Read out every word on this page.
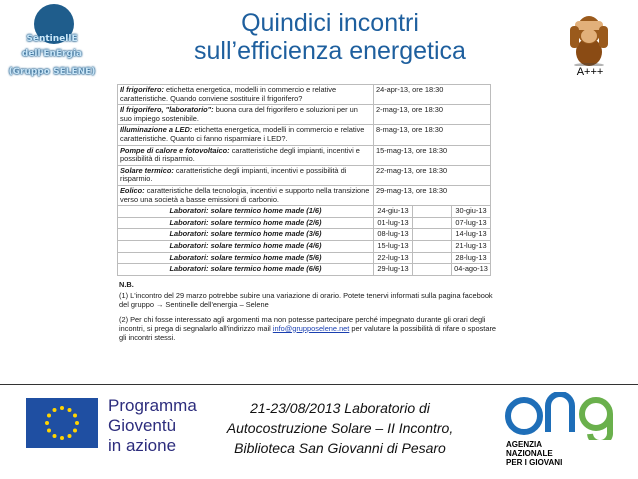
SentinellE
dell'EnErgia
(Gruppo SELENE)
Quindici incontri
sull’efficienza energetica
A+++
Il frigorifero: etichetta energetica, modelli in commercio e relative caratteristiche. Quando conviene sostituire il frigorifero?	24-apr-13, ore 18:30		
Il frigorifero, "laboratorio": buona cura del frigorifero e soluzioni per un suo impiego sostenibile.	2-mag-13, ore 18:30		
Illuminazione a LED: etichetta energetica, modelli in commercio e relative caratteristiche. Quanto ci fanno risparmiare i LED?.	8-mag-13, ore 18:30		
Pompe di calore e fotovoltaico: caratteristiche degli impianti, incentivi e possibilità di risparmio.	15-mag-13, ore 18:30		
Solare termico: caratteristiche degli impianti, incentivi e possibilità di risparmio.	22-mag-13, ore 18:30		
Eolico: caratteristiche della tecnologia, incentivi e supporto nella transizione verso una società a basse emissioni di carbonio.	29-mag-13, ore 18:30		
Laboratori: solare termico home made (1/6)	24-giu-13		30-giu-13
Laboratori: solare termico home made (2/6)	01-lug-13		07-lug-13
Laboratori: solare termico home made (3/6)	08-lug-13		14-lug-13
Laboratori: solare termico home made (4/6)	15-lug-13		21-lug-13
Laboratori: solare termico home made (5/6)	22-lug-13		28-lug-13
Laboratori: solare termico home made (6/6)	29-lug-13		04-ago-13
N.B.
(1) L'incontro del 29 marzo potrebbe subire una variazione di orario. Potete tenervi informati sulla pagina facebook del gruppo → Sentinelle dell'energia – Selene
(2) Per chi fosse interessato agli argomenti ma non potesse partecipare perché impegnato durante gli orari degli incontri, si prega di segnalarlo all'indirizzo mail info@grupposelene.net per valutare la possibilità di rifare o spostare gli incontri stessi.
Programma
Gioventù
in azione
21-23/08/2013 Laboratorio di
Autocostruzione Solare – II Incontro,
Biblioteca San Giovanni di Pesaro	AGENZIA
NAZIONALE
PER I GIOVANI
